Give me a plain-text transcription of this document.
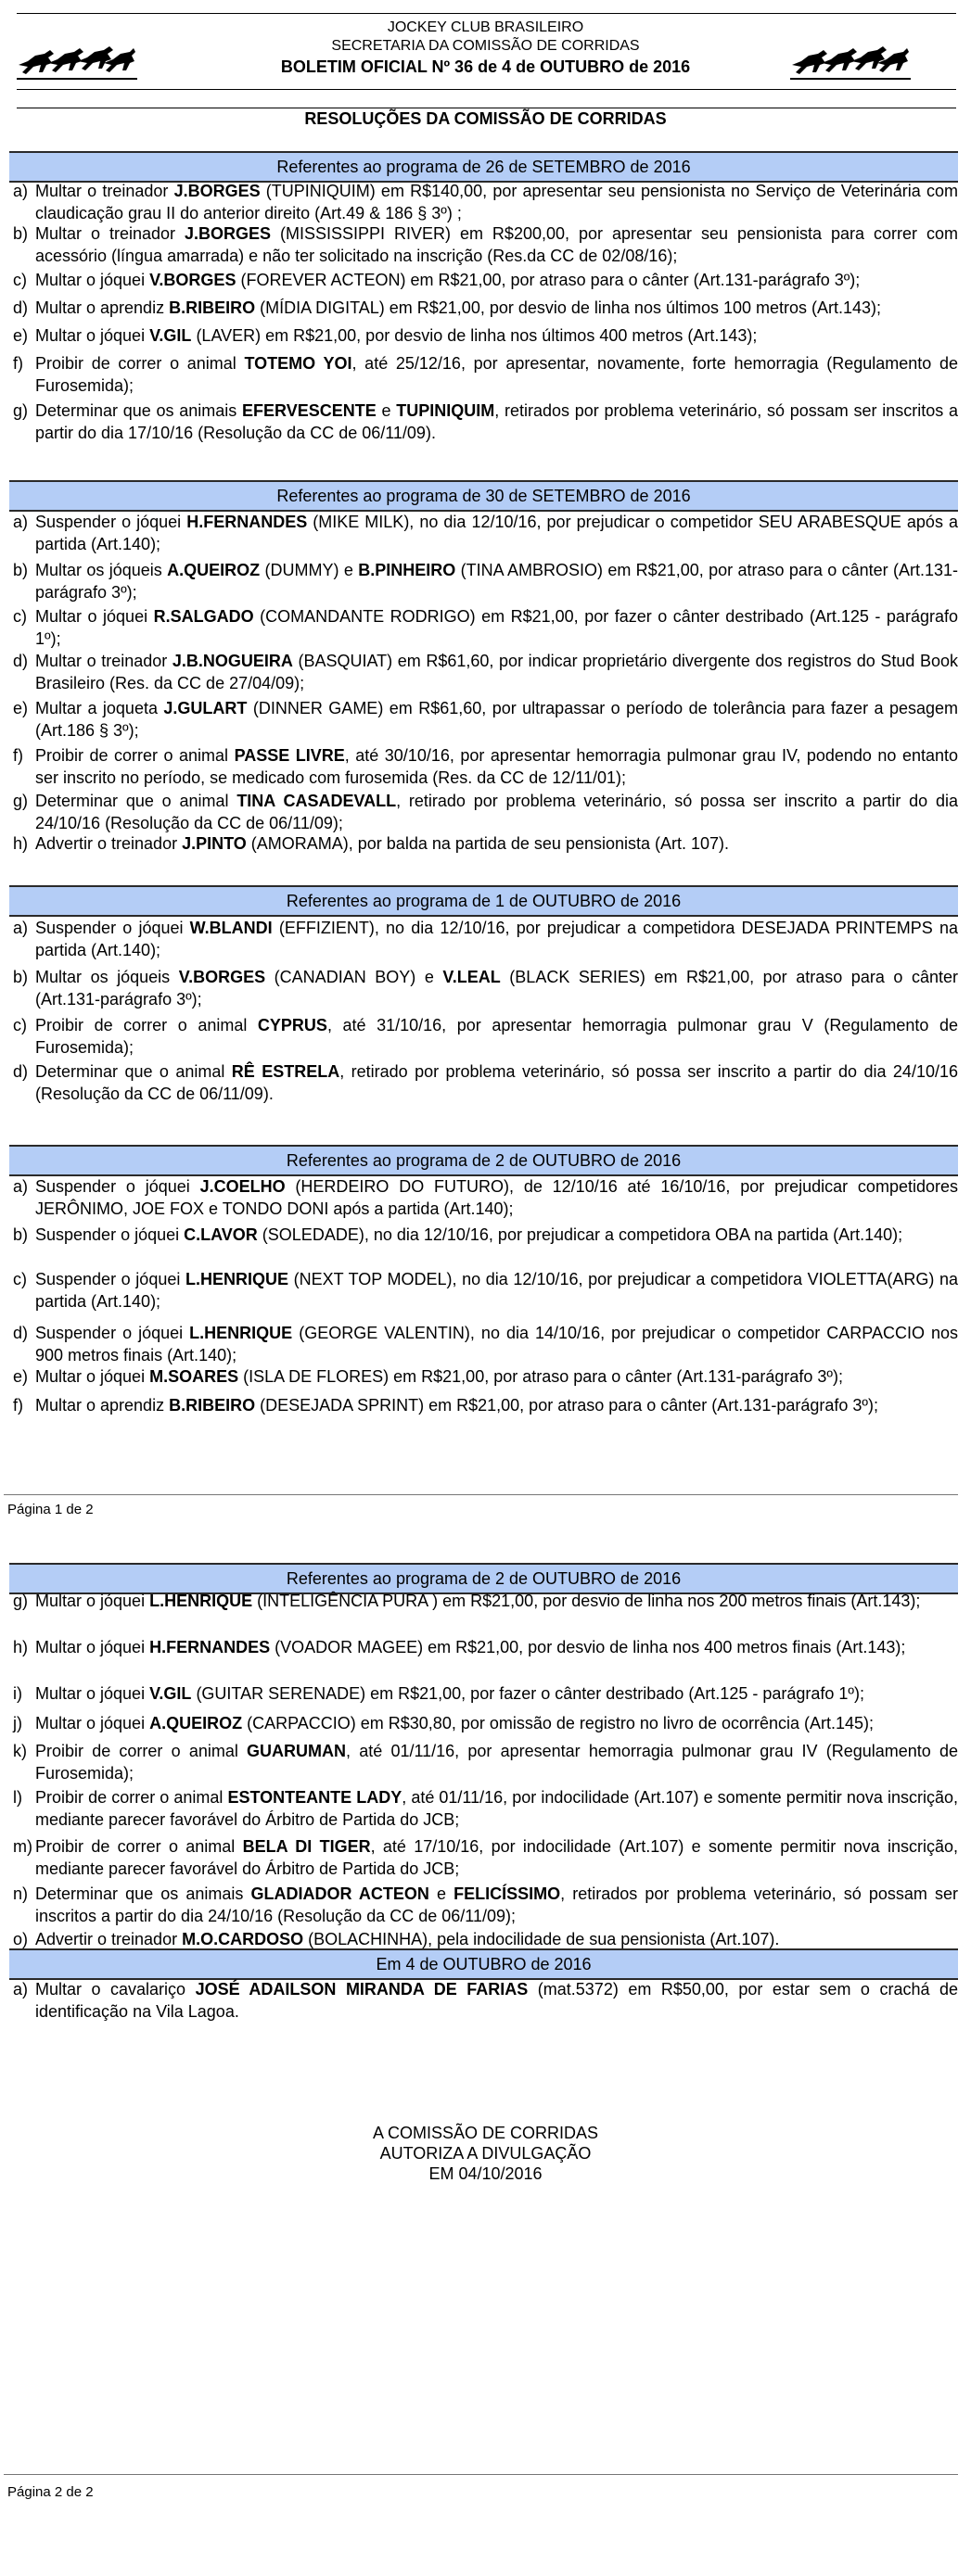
JOCKEY CLUB BRASILEIRO
SECRETARIA DA COMISSÃO DE CORRIDAS
BOLETIM OFICIAL Nº 36 de 4 de OUTUBRO de 2016
RESOLUÇÕES DA COMISSÃO DE CORRIDAS
Referentes ao programa de 26 de SETEMBRO de 2016
a) Multar o treinador J.BORGES (TUPINIQUIM) em R$140,00, por apresentar seu pensionista no Serviço de Veterinária com claudicação grau II do anterior direito (Art.49 & 186 § 3º) ;
b) Multar o treinador J.BORGES (MISSISSIPPI RIVER) em R$200,00, por apresentar seu pensionista para correr com acessório (língua amarrada) e não ter solicitado na inscrição (Res.da CC de 02/08/16);
c) Multar o jóquei V.BORGES (FOREVER ACTEON) em R$21,00, por atraso para o cânter (Art.131-parágrafo 3º);
d) Multar o aprendiz B.RIBEIRO (MÍDIA DIGITAL) em R$21,00, por desvio de linha nos últimos 100 metros (Art.143);
e) Multar o jóquei V.GIL (LAVER) em R$21,00, por desvio de linha nos últimos 400 metros (Art.143);
f) Proibir de correr o animal TOTEMO YOI, até 25/12/16, por apresentar, novamente, forte hemorragia (Regulamento de Furosemida);
g) Determinar que os animais EFERVESCENTE e TUPINIQUIM, retirados por problema veterinário, só possam ser inscritos a partir do dia 17/10/16 (Resolução da CC de 06/11/09).
Referentes ao programa de 30 de SETEMBRO de 2016
a) Suspender o jóquei H.FERNANDES (MIKE MILK), no dia 12/10/16, por prejudicar o competidor SEU ARABESQUE após a partida (Art.140);
b) Multar os jóqueis A.QUEIROZ (DUMMY) e B.PINHEIRO (TINA AMBROSIO) em R$21,00, por atraso para o cânter (Art.131-parágrafo 3º);
c) Multar o jóquei R.SALGADO (COMANDANTE RODRIGO) em R$21,00, por fazer o cânter destribado (Art.125 - parágrafo 1º);
d) Multar o treinador J.B.NOGUEIRA (BASQUIAT) em R$61,60, por indicar proprietário divergente dos registros do Stud Book Brasileiro (Res. da CC de 27/04/09);
e) Multar a joqueta J.GULART (DINNER GAME) em R$61,60, por ultrapassar o período de tolerância para fazer a pesagem (Art.186 § 3º);
f) Proibir de correr o animal PASSE LIVRE, até 30/10/16, por apresentar hemorragia pulmonar grau IV, podendo no entanto ser inscrito no período, se medicado com furosemida (Res. da CC de 12/11/01);
g) Determinar que o animal TINA CASADEVALL, retirado por problema veterinário, só possa ser inscrito a partir do dia 24/10/16 (Resolução da CC de 06/11/09);
h) Advertir o treinador J.PINTO (AMORAMA), por balda na partida de seu pensionista (Art. 107).
Referentes ao programa de 1 de OUTUBRO de 2016
a) Suspender o jóquei W.BLANDI (EFFIZIENT), no dia 12/10/16, por prejudicar a competidora DESEJADA PRINTEMPS na partida (Art.140);
b) Multar os jóqueis V.BORGES (CANADIAN BOY) e V.LEAL (BLACK SERIES) em R$21,00, por atraso para o cânter (Art.131-parágrafo 3º);
c) Proibir de correr o animal CYPRUS, até 31/10/16, por apresentar hemorragia pulmonar grau V (Regulamento de Furosemida);
d) Determinar que o animal RÊ ESTRELA, retirado por problema veterinário, só possa ser inscrito a partir do dia 24/10/16 (Resolução da CC de 06/11/09).
Referentes ao programa de 2 de OUTUBRO de 2016
a) Suspender o jóquei J.COELHO (HERDEIRO DO FUTURO), de 12/10/16 até 16/10/16, por prejudicar competidores JERÔNIMO, JOE FOX e TONDO DONI após a partida (Art.140);
b) Suspender o jóquei C.LAVOR (SOLEDADE), no dia 12/10/16, por prejudicar a competidora OBA na partida (Art.140);
c) Suspender o jóquei L.HENRIQUE (NEXT TOP MODEL), no dia 12/10/16, por prejudicar a competidora VIOLETTA(ARG) na partida (Art.140);
d) Suspender o jóquei L.HENRIQUE (GEORGE VALENTIN), no dia 14/10/16, por prejudicar o competidor CARPACCIO nos 900 metros finais (Art.140);
e) Multar o jóquei M.SOARES (ISLA DE FLORES) em R$21,00, por atraso para o cânter (Art.131-parágrafo 3º);
f) Multar o aprendiz B.RIBEIRO (DESEJADA SPRINT) em R$21,00, por atraso para o cânter (Art.131-parágrafo 3º);
Página 1 de 2
Referentes ao programa de 2 de OUTUBRO de 2016
g) Multar o jóquei L.HENRIQUE (INTELIGÊNCIA PURA ) em R$21,00, por desvio de linha nos 200 metros finais (Art.143);
h) Multar o jóquei H.FERNANDES (VOADOR MAGEE) em R$21,00, por desvio de linha nos 400 metros finais (Art.143);
i) Multar o jóquei V.GIL (GUITAR SERENADE) em R$21,00, por fazer o cânter destribado (Art.125 - parágrafo 1º);
j) Multar o jóquei A.QUEIROZ (CARPACCIO) em R$30,80, por omissão de registro no livro de ocorrência (Art.145);
k) Proibir de correr o animal GUARUMAN, até 01/11/16, por apresentar hemorragia pulmonar grau IV (Regulamento de Furosemida);
l) Proibir de correr o animal ESTONTEANTE LADY, até 01/11/16, por indocilidade (Art.107) e somente permitir nova inscrição, mediante parecer favorável do Árbitro de Partida do JCB;
m) Proibir de correr o animal BELA DI TIGER, até 17/10/16, por indocilidade (Art.107) e somente permitir nova inscrição, mediante parecer favorável do Árbitro de Partida do JCB;
n) Determinar que os animais GLADIADOR ACTEON e FELICÍSSIMO, retirados por problema veterinário, só possam ser inscritos a partir do dia 24/10/16 (Resolução da CC de 06/11/09);
o) Advertir o treinador M.O.CARDOSO (BOLACHINHA), pela indocilidade de sua pensionista (Art.107).
Em 4 de OUTUBRO de 2016
a) Multar o cavalariço JOSÉ ADAILSON MIRANDA DE FARIAS (mat.5372) em R$50,00, por estar sem o crachá de identificação na Vila Lagoa.
A COMISSÃO DE CORRIDAS
AUTORIZA A DIVULGAÇÃO
EM 04/10/2016
Página 2 de 2
